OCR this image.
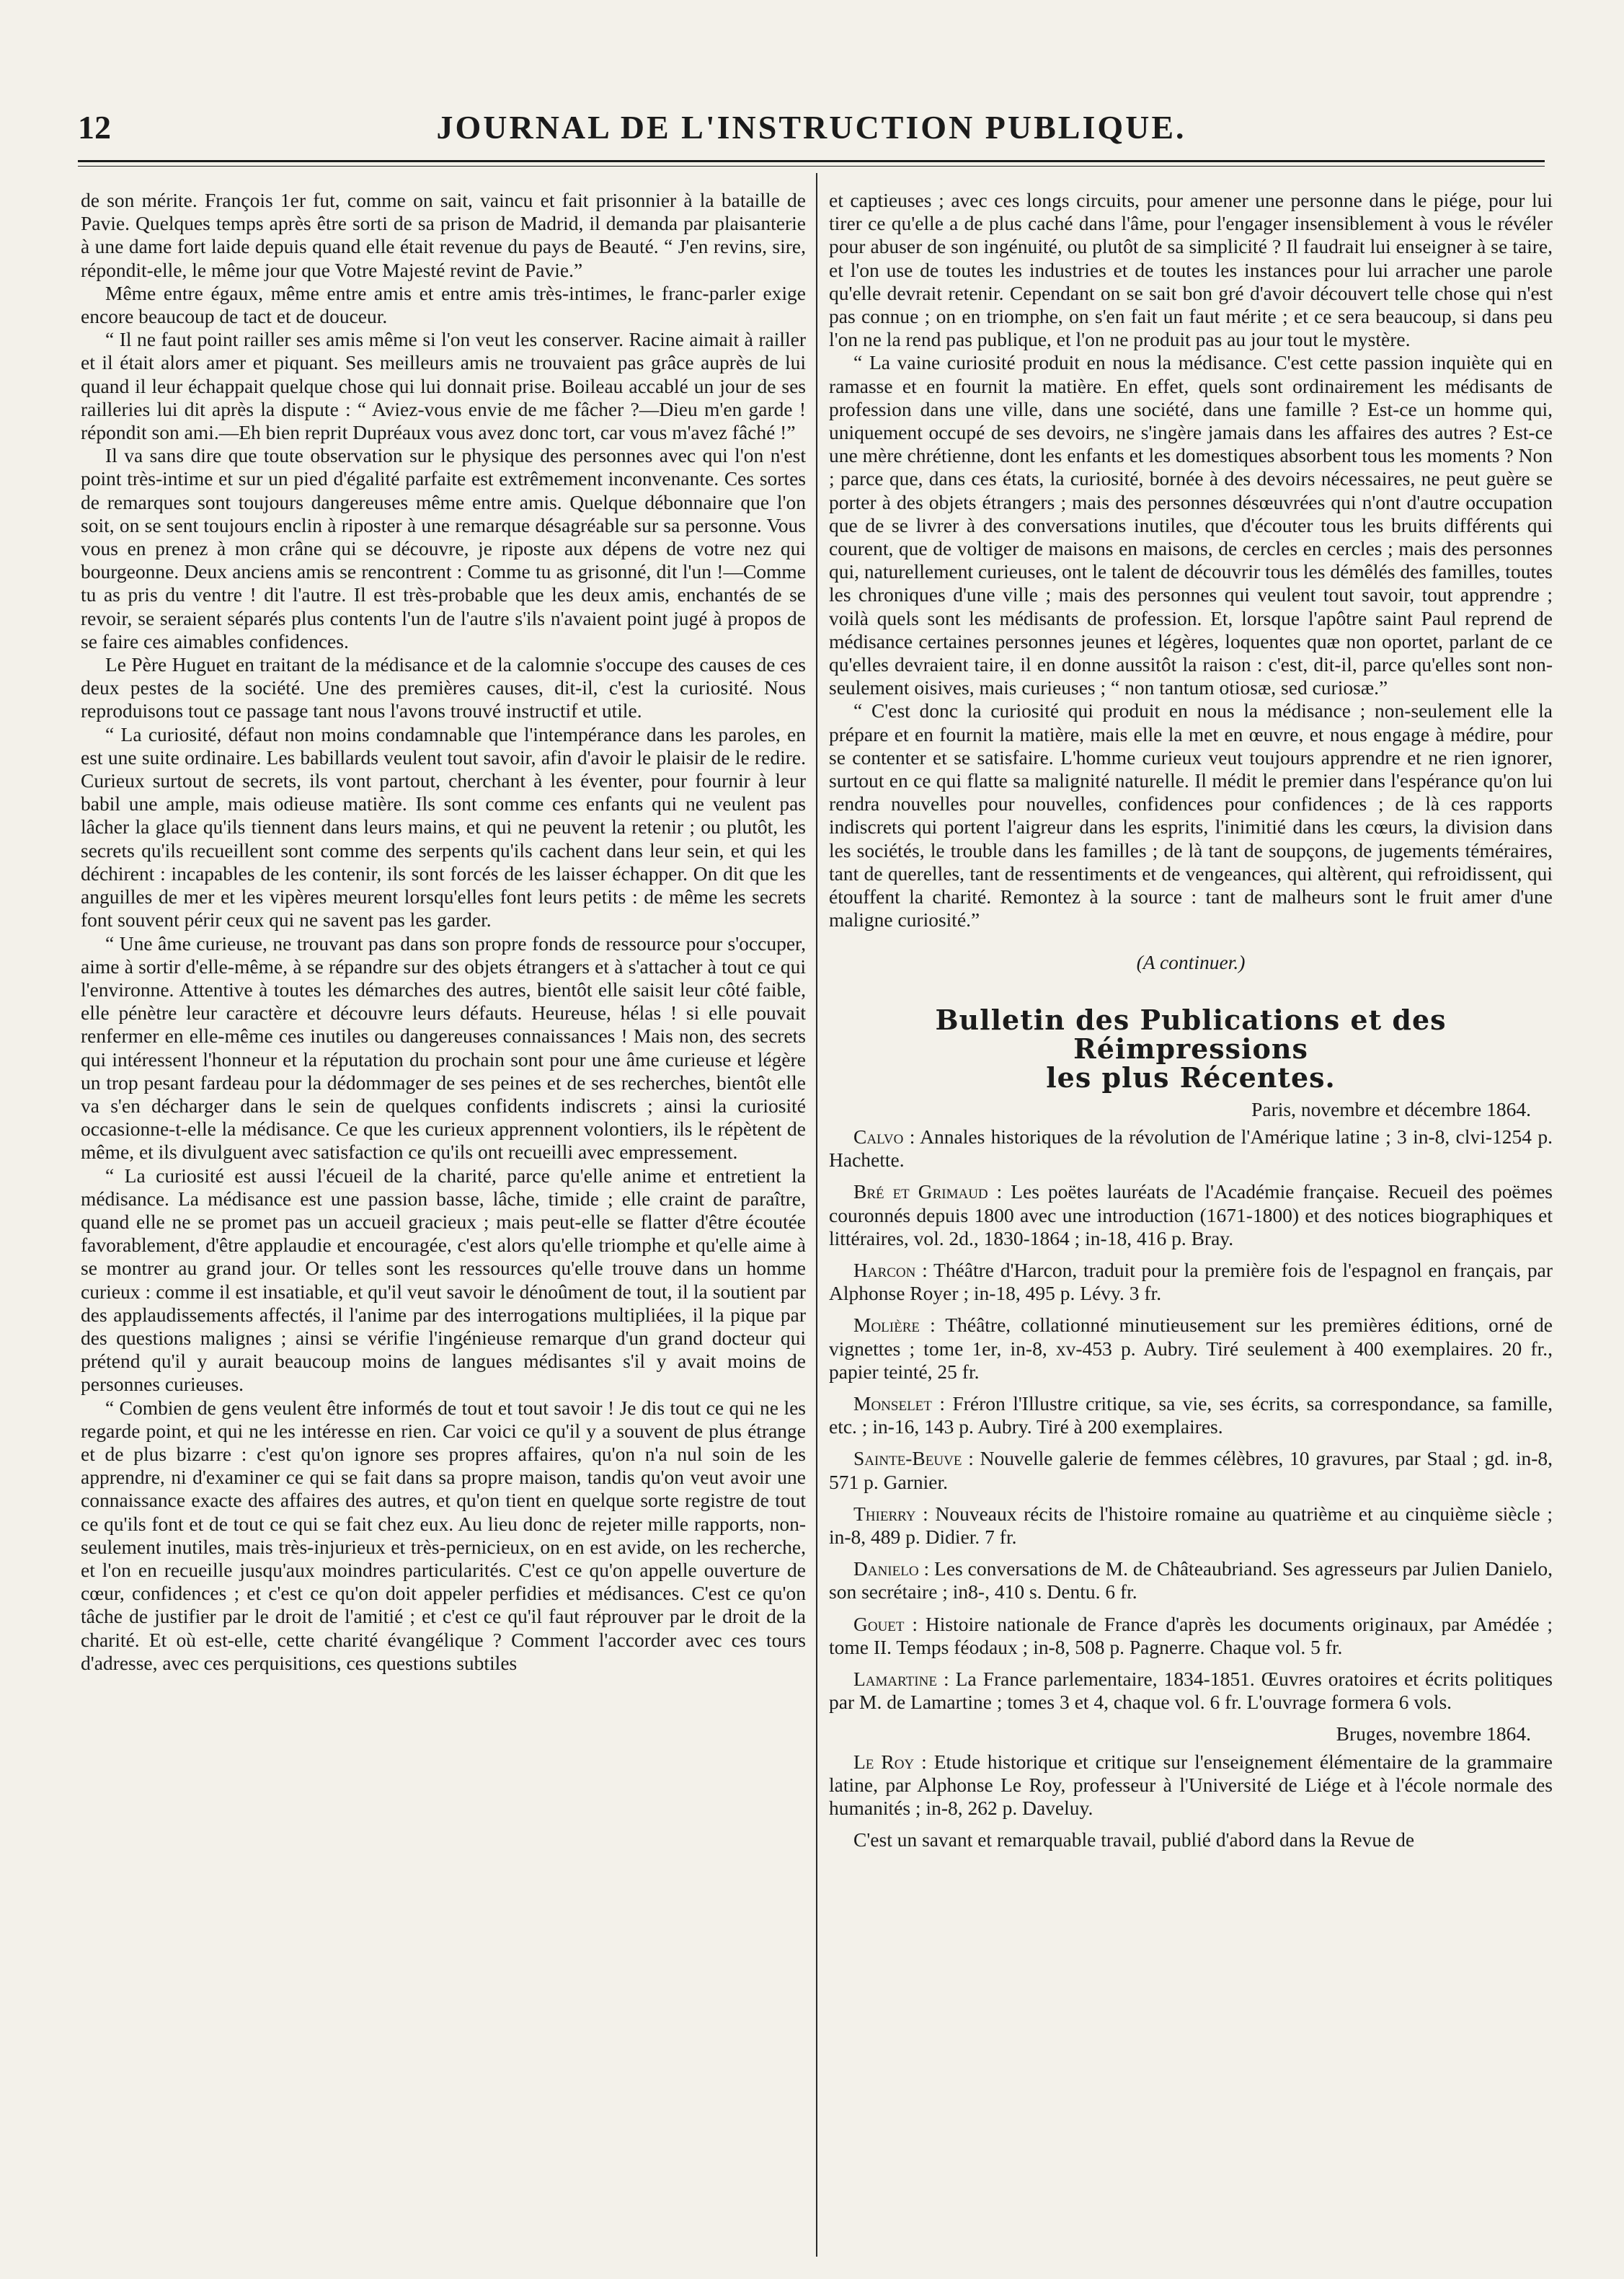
12	JOURNAL DE L'INSTRUCTION PUBLIQUE.

de son mérite. François 1er fut, comme on sait, vaincu et fait prisonnier à la bataille de Pavie. Quelques temps après être sorti de sa prison de Madrid, il demanda par plaisanterie à une dame fort laide depuis quand elle était revenue du pays de Beauté. “ J'en revins, sire, répondit-elle, le même jour que Votre Majesté revint de Pavie.”

Même entre égaux, même entre amis et entre amis très-intimes, le franc-parler exige encore beaucoup de tact et de douceur.

“ Il ne faut point railler ses amis même si l'on veut les conserver. Racine aimait à railler et il était alors amer et piquant. Ses meilleurs amis ne trouvaient pas grâce auprès de lui quand il leur échappait quelque chose qui lui donnait prise. Boileau accablé un jour de ses railleries lui dit après la dispute : “ Aviez-vous envie de me fâcher ?—Dieu m'en garde ! répondit son ami.—Eh bien reprit Dupréaux vous avez donc tort, car vous m'avez fâché !”

Il va sans dire que toute observation sur le physique des personnes avec qui l'on n'est point très-intime et sur un pied d'égalité parfaite est extrêmement inconvenante. Ces sortes de remarques sont toujours dangereuses même entre amis. Quelque débonnaire que l'on soit, on se sent toujours enclin à riposter à une remarque désagréable sur sa personne. Vous vous en prenez à mon crâne qui se découvre, je riposte aux dépens de votre nez qui bourgeonne. Deux anciens amis se rencontrent : Comme tu as grisonné, dit l'un !—Comme tu as pris du ventre ! dit l'autre. Il est très-probable que les deux amis, enchantés de se revoir, se seraient séparés plus contents l'un de l'autre s'ils n'avaient point jugé à propos de se faire ces aimables confidences.

Le Père Huguet en traitant de la médisance et de la calomnie s'occupe des causes de ces deux pestes de la société. Une des premières causes, dit-il, c'est la curiosité. Nous reproduisons tout ce passage tant nous l'avons trouvé instructif et utile.

“ La curiosité, défaut non moins condamnable que l'intempérance dans les paroles, en est une suite ordinaire. Les babillards veulent tout savoir, afin d'avoir le plaisir de le redire. Curieux surtout de secrets, ils vont partout, cherchant à les éventer, pour fournir à leur babil une ample, mais odieuse matière. Ils sont comme ces enfants qui ne veulent pas lâcher la glace qu'ils tiennent dans leurs mains, et qui ne peuvent la retenir ; ou plutôt, les secrets qu'ils recueillent sont comme des serpents qu'ils cachent dans leur sein, et qui les déchirent : incapables de les contenir, ils sont forcés de les laisser échapper. On dit que les anguilles de mer et les vipères meurent lorsqu'elles font leurs petits : de même les secrets font souvent périr ceux qui ne savent pas les garder.

“ Une âme curieuse, ne trouvant pas dans son propre fonds de ressource pour s'occuper, aime à sortir d'elle-même, à se répandre sur des objets étrangers et à s'attacher à tout ce qui l'environne. Attentive à toutes les démarches des autres, bientôt elle saisit leur côté faible, elle pénètre leur caractère et découvre leurs défauts. Heureuse, hélas ! si elle pouvait renfermer en elle-même ces inutiles ou dangereuses connaissances ! Mais non, des secrets qui intéressent l'honneur et la réputation du prochain sont pour une âme curieuse et légère un trop pesant fardeau pour la dédommager de ses peines et de ses recherches, bientôt elle va s'en décharger dans le sein de quelques confidents indiscrets ; ainsi la curiosité occasionne-t-elle la médisance. Ce que les curieux apprennent volontiers, ils le répètent de même, et ils divulguent avec satisfaction ce qu'ils ont recueilli avec empressement.

“ La curiosité est aussi l'écueil de la charité, parce qu'elle anime et entretient la médisance. La médisance est une passion basse, lâche, timide ; elle craint de paraître, quand elle ne se promet pas un accueil gracieux ; mais peut-elle se flatter d'être écoutée favorablement, d'être applaudie et encouragée, c'est alors qu'elle triomphe et qu'elle aime à se montrer au grand jour. Or telles sont les ressources qu'elle trouve dans un homme curieux : comme il est insatiable, et qu'il veut savoir le dénoûment de tout, il la soutient par des applaudissements affectés, il l'anime par des interrogations multipliées, il la pique par des questions malignes ; ainsi se vérifie l'ingénieuse remarque d'un grand docteur qui prétend qu'il y aurait beaucoup moins de langues médisantes s'il y avait moins de personnes curieuses.

“ Combien de gens veulent être informés de tout et tout savoir ! Je dis tout ce qui ne les regarde point, et qui ne les intéresse en rien. Car voici ce qu'il y a souvent de plus étrange et de plus bizarre : c'est qu'on ignore ses propres affaires, qu'on n'a nul soin de les apprendre, ni d'examiner ce qui se fait dans sa propre maison, tandis qu'on veut avoir une connaissance exacte des affaires des autres, et qu'on tient en quelque sorte registre de tout ce qu'ils font et de tout ce qui se fait chez eux. Au lieu donc de rejeter mille rapports, non-seulement inutiles, mais très-injurieux et très-pernicieux, on en est avide, on les recherche, et l'on en recueille jusqu'aux moindres particularités. C'est ce qu'on appelle ouverture de cœur, confidences ; et c'est ce qu'on doit appeler perfidies et médisances. C'est ce qu'on tâche de justifier par le droit de l'amitié ; et c'est ce qu'il faut réprouver par le droit de la charité. Et où est-elle, cette charité évangélique ? Comment l'accorder avec ces tours d'adresse, avec ces perquisitions, ces questions subtiles

et captieuses ; avec ces longs circuits, pour amener une personne dans le piége, pour lui tirer ce qu'elle a de plus caché dans l'âme, pour l'engager insensiblement à vous le révéler pour abuser de son ingénuité, ou plutôt de sa simplicité ? Il faudrait lui enseigner à se taire, et l'on use de toutes les industries et de toutes les instances pour lui arracher une parole qu'elle devrait retenir. Cependant on se sait bon gré d'avoir découvert telle chose qui n'est pas connue ; on en triomphe, on s'en fait un faut mérite ; et ce sera beaucoup, si dans peu l'on ne la rend pas publique, et l'on ne produit pas au jour tout le mystère.

“ La vaine curiosité produit en nous la médisance. C'est cette passion inquiète qui en ramasse et en fournit la matière. En effet, quels sont ordinairement les médisants de profession dans une ville, dans une société, dans une famille ? Est-ce un homme qui, uniquement occupé de ses devoirs, ne s'ingère jamais dans les affaires des autres ? Est-ce une mère chrétienne, dont les enfants et les domestiques absorbent tous les moments ? Non ; parce que, dans ces états, la curiosité, bornée à des devoirs nécessaires, ne peut guère se porter à des objets étrangers ; mais des personnes désœuvrées qui n'ont d'autre occupation que de se livrer à des conversations inutiles, que d'écouter tous les bruits différents qui courent, que de voltiger de maisons en maisons, de cercles en cercles ; mais des personnes qui, naturellement curieuses, ont le talent de découvrir tous les démêlés des familles, toutes les chroniques d'une ville ; mais des personnes qui veulent tout savoir, tout apprendre ; voilà quels sont les médisants de profession. Et, lorsque l'apôtre saint Paul reprend de médisance certaines personnes jeunes et légères, loquentes quæ non oportet, parlant de ce qu'elles devraient taire, il en donne aussitôt la raison : c'est, dit-il, parce qu'elles sont non-seulement oisives, mais curieuses ; “ non tantum otiosæ, sed curiosæ.”

“ C'est donc la curiosité qui produit en nous la médisance ; non-seulement elle la prépare et en fournit la matière, mais elle la met en œuvre, et nous engage à médire, pour se contenter et se satisfaire. L'homme curieux veut toujours apprendre et ne rien ignorer, surtout en ce qui flatte sa malignité naturelle. Il médit le premier dans l'espérance qu'on lui rendra nouvelles pour nouvelles, confidences pour confidences ; de là ces rapports indiscrets qui portent l'aigreur dans les esprits, l'inimitié dans les cœurs, la division dans les sociétés, le trouble dans les familles ; de là tant de soupçons, de jugements téméraires, tant de querelles, tant de ressentiments et de vengeances, qui altèrent, qui refroidissent, qui étouffent la charité. Remontez à la source : tant de malheurs sont le fruit amer d'une maligne curiosité.”

(A continuer.)

Bulletin des Publications et des Réimpressions
les plus Récentes.
Paris, novembre et décembre 1864.

Calvo : Annales historiques de la révolution de l'Amérique latine ; 3 in-8, clvi-1254 p. Hachette.

Bré et Grimaud : Les poëtes lauréats de l'Académie française. Recueil des poëmes couronnés depuis 1800 avec une introduction (1671-1800) et des notices biographiques et littéraires, vol. 2d., 1830-1864 ; in-18, 416 p. Bray.

Harcon : Théâtre d'Harcon, traduit pour la première fois de l'espagnol en français, par Alphonse Royer ; in-18, 495 p. Lévy. 3 fr.

Molière : Théâtre, collationné minutieusement sur les premières éditions, orné de vignettes ; tome 1er, in-8, xv-453 p. Aubry. Tiré seulement à 400 exemplaires. 20 fr., papier teinté, 25 fr.

Monselet : Fréron l'Illustre critique, sa vie, ses écrits, sa correspondance, sa famille, etc. ; in-16, 143 p. Aubry. Tiré à 200 exemplaires.

Sainte-Beuve : Nouvelle galerie de femmes célèbres, 10 gravures, par Staal ; gd. in-8, 571 p. Garnier.

Thierry : Nouveaux récits de l'histoire romaine au quatrième et au cinquième siècle ; in-8, 489 p. Didier. 7 fr.

Danielo : Les conversations de M. de Châteaubriand. Ses agresseurs par Julien Danielo, son secrétaire ; in8-, 410 s. Dentu. 6 fr.

Gouet : Histoire nationale de France d'après les documents originaux, par Amédée ; tome II. Temps féodaux ; in-8, 508 p. Pagnerre. Chaque vol. 5 fr.

Lamartine : La France parlementaire, 1834-1851. Œuvres oratoires et écrits politiques par M. de Lamartine ; tomes 3 et 4, chaque vol. 6 fr. L'ouvrage formera 6 vols.

Bruges, novembre 1864.

Le Roy : Etude historique et critique sur l'enseignement élémentaire de la grammaire latine, par Alphonse Le Roy, professeur à l'Université de Liége et à l'école normale des humanités ; in-8, 262 p. Daveluy.

C'est un savant et remarquable travail, publié d'abord dans la Revue de
